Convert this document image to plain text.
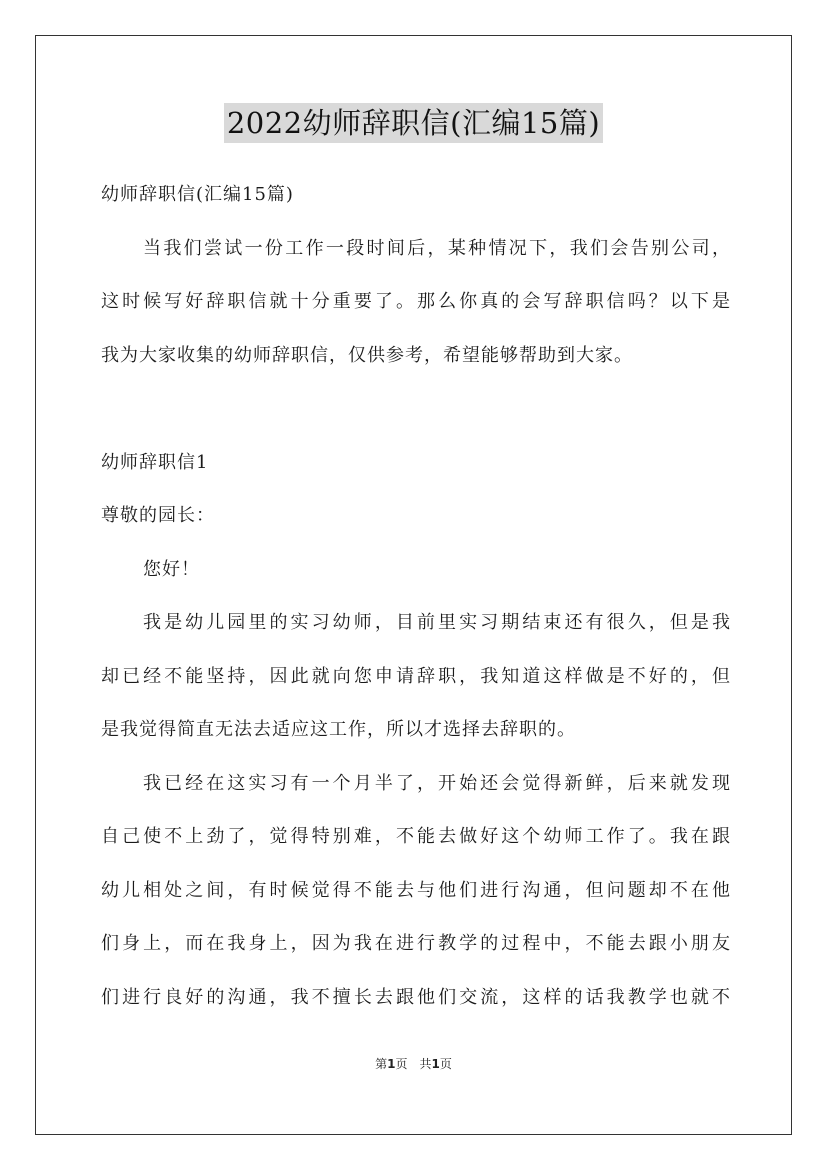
2022幼师辞职信(汇编15篇)
幼师辞职信(汇编15篇)
当我们尝试一份工作一段时间后，某种情况下，我们会告别公司，
这时候写好辞职信就十分重要了。那么你真的会写辞职信吗？以下是
我为大家收集的幼师辞职信，仅供参考，希望能够帮助到大家。
幼师辞职信1
尊敬的园长：
您好！
我是幼儿园里的实习幼师，目前里实习期结束还有很久，但是我
却已经不能坚持，因此就向您申请辞职，我知道这样做是不好的，但
是我觉得简直无法去适应这工作，所以才选择去辞职的。
我已经在这实习有一个月半了，开始还会觉得新鲜，后来就发现
自己使不上劲了，觉得特别难，不能去做好这个幼师工作了。我在跟
幼儿相处之间，有时候觉得不能去与他们进行沟通，但问题却不在他
们身上，而在我身上，因为我在进行教学的过程中，不能去跟小朋友
们进行良好的沟通，我不擅长去跟他们交流，这样的话我教学也就不
第1页　共1页
